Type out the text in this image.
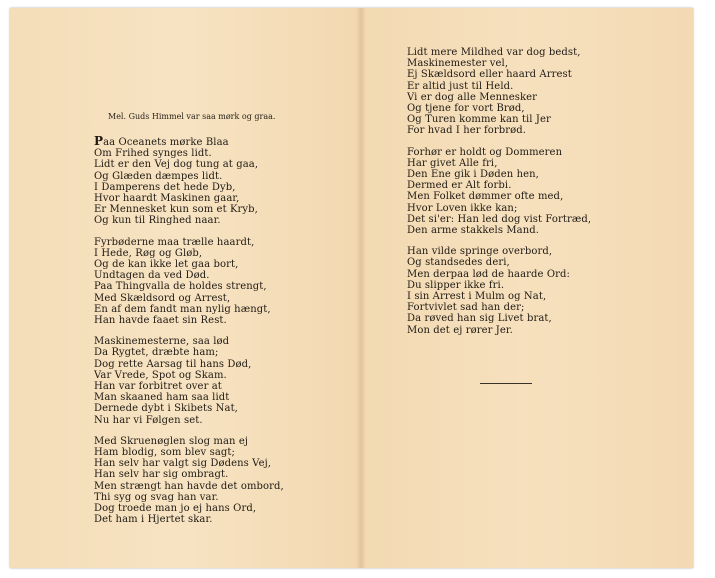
Mel. Guds Himmel var saa mørk og graa.
Paa Oceanets mørke Blaa
Om Frihed synges lidt.
Lidt er den Vej dog tung at gaa,
Og Glæden dæmpes lidt.
I Damperens det hede Dyb,
Hvor haardt Maskinen gaar,
Er Mennesket kun som et Kryb,
Og kun til Ringhed naar.
Fyrbøderne maa trælle haardt,
I Hede, Røg og Gløb,
Og de kan ikke let gaa bort,
Undtagen da ved Død.
Paa Thingvalla de holdes strengt,
Med Skældsord og Arrest,
En af dem fandt man nylig hængt,
Han havde faaet sin Rest.
Maskinemesterne, saa lød
Da Rygtet, dræbte ham;
Dog rette Aarsag til hans Død,
Var Vrede, Spot og Skam.
Han var forbitret over at
Man skaaned ham saa lidt
Dernede dybt i Skibets Nat,
Nu har vi Følgen set.
Med Skruenøglen slog man ej
Ham blodig, som blev sagt;
Han selv har valgt sig Dødens Vej,
Han selv har sig ombragt.
Men strængt han havde det ombord,
Thi syg og svag han var.
Dog troede man jo ej hans Ord,
Det ham i Hjertet skar.
Lidt mere Mildhed var dog bedst,
Maskinemester vel,
Ej Skældsord eller haard Arrest
Er altid just til Held.
Vi er dog alle Mennesker
Og tjene for vort Brød,
Og Turen komme kan til Jer
For hvad I her forbrød.
Forhør er holdt og Dommeren
Har givet Alle fri,
Den Ene gik i Døden hen,
Dermed er Alt forbi.
Men Folket dømmer ofte med,
Hvor Loven ikke kan;
Det si'er: Han led dog vist Fortræd,
Den arme stakkels Mand.
Han vilde springe overbord,
Og standsedes deri,
Men derpaa lød de haarde Ord:
Du slipper ikke fri.
I sin Arrest i Mulm og Nat,
Fortvivlet sad han der;
Da røved han sig Livet brat,
Mon det ej rører Jer.
